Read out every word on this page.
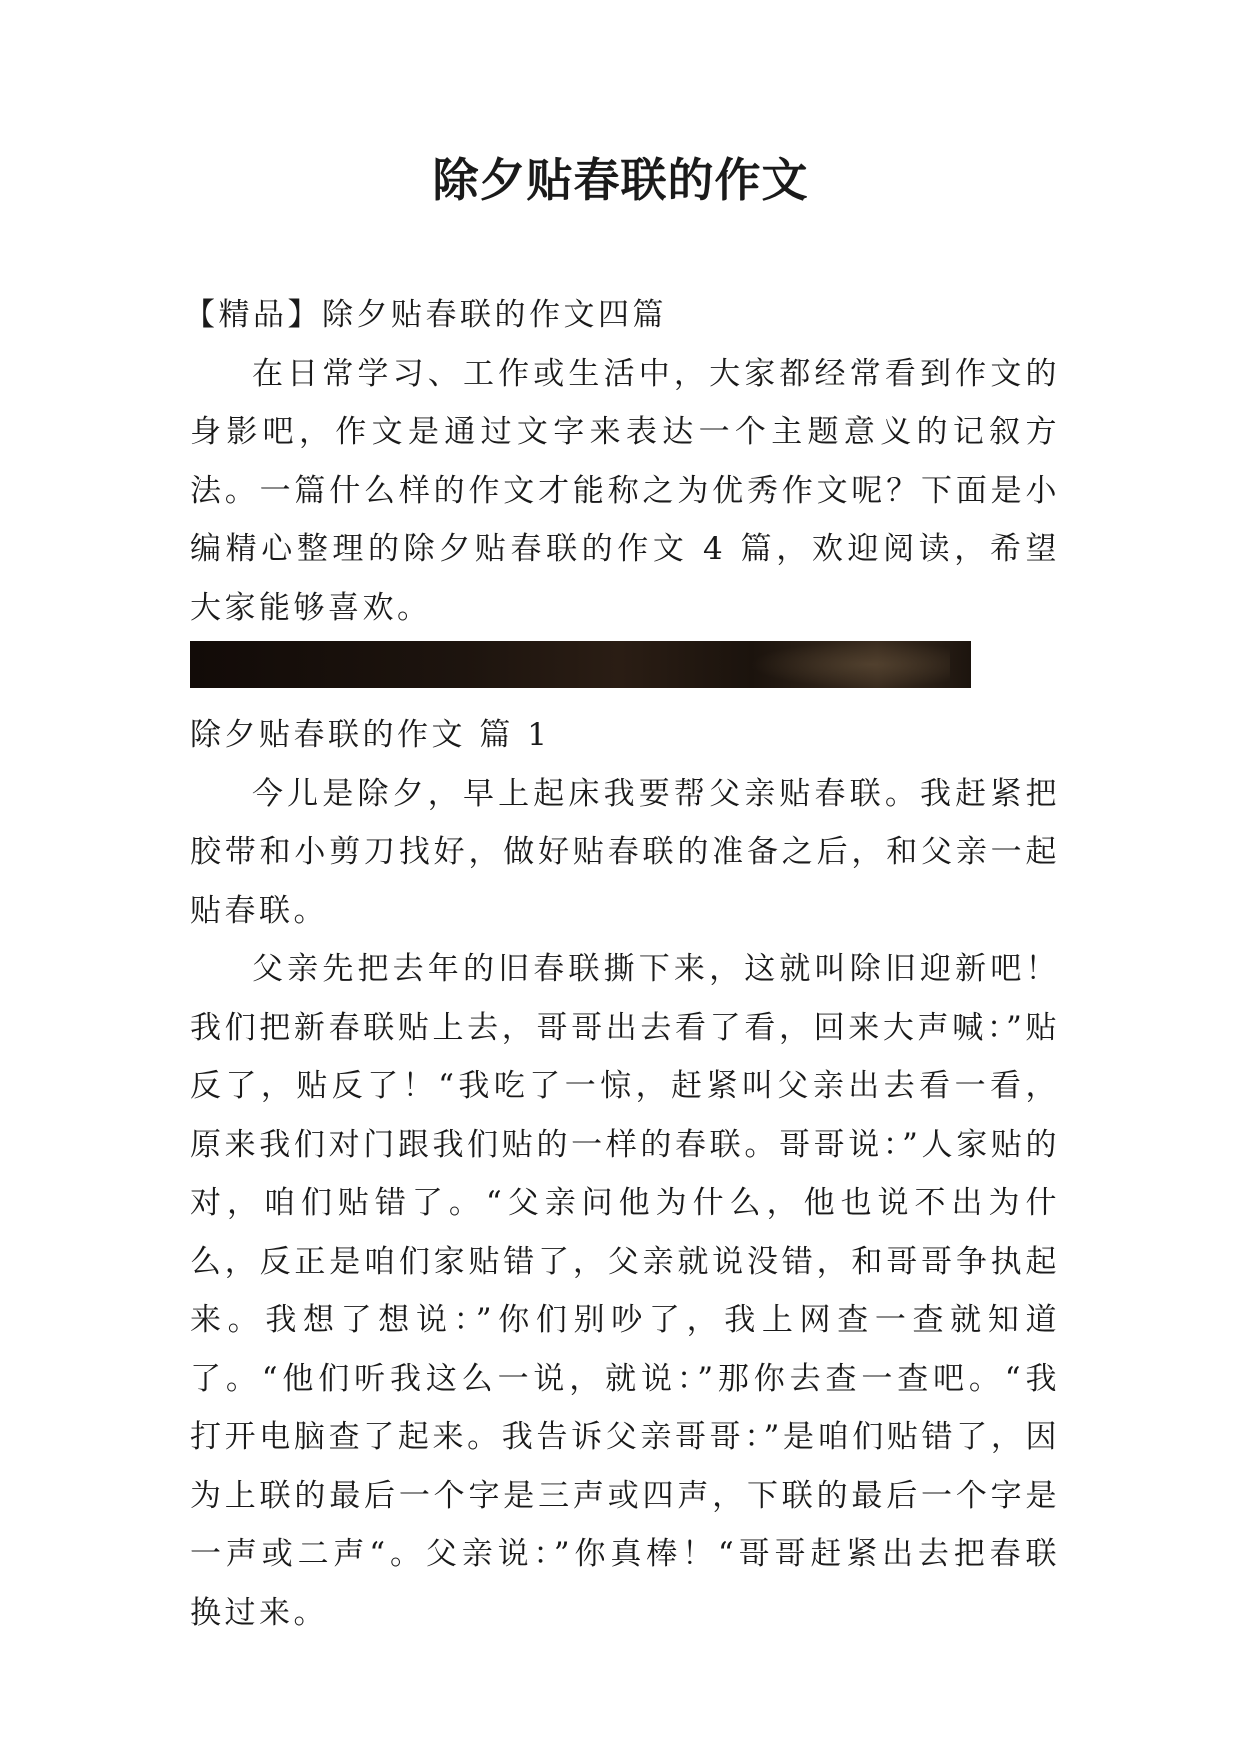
除夕贴春联的作文

【精品】除夕贴春联的作文四篇

在日常学习、工作或生活中，大家都经常看到作文的身影吧，作文是通过文字来表达一个主题意义的记叙方法。一篇什么样的作文才能称之为优秀作文呢？下面是小编精心整理的除夕贴春联的作文 4 篇，欢迎阅读，希望大家能够喜欢。

除夕贴春联的作文 篇 1

今儿是除夕，早上起床我要帮父亲贴春联。我赶紧把胶带和小剪刀找好，做好贴春联的准备之后，和父亲一起贴春联。

父亲先把去年的旧春联撕下来，这就叫除旧迎新吧！我们把新春联贴上去，哥哥出去看了看，回来大声喊：”贴反了，贴反了！“我吃了一惊，赶紧叫父亲出去看一看，原来我们对门跟我们贴的一样的春联。哥哥说：”人家贴的对，咱们贴错了。“父亲问他为什么，他也说不出为什么，反正是咱们家贴错了，父亲就说没错，和哥哥争执起来。我想了想说：”你们别吵了，我上网查一查就知道了。“他们听我这么一说，就说：”那你去查一查吧。“我打开电脑查了起来。我告诉父亲哥哥：”是咱们贴错了，因为上联的最后一个字是三声或四声，下联的最后一个字是一声或二声“。父亲说：”你真棒！“哥哥赶紧出去把春联换过来。
